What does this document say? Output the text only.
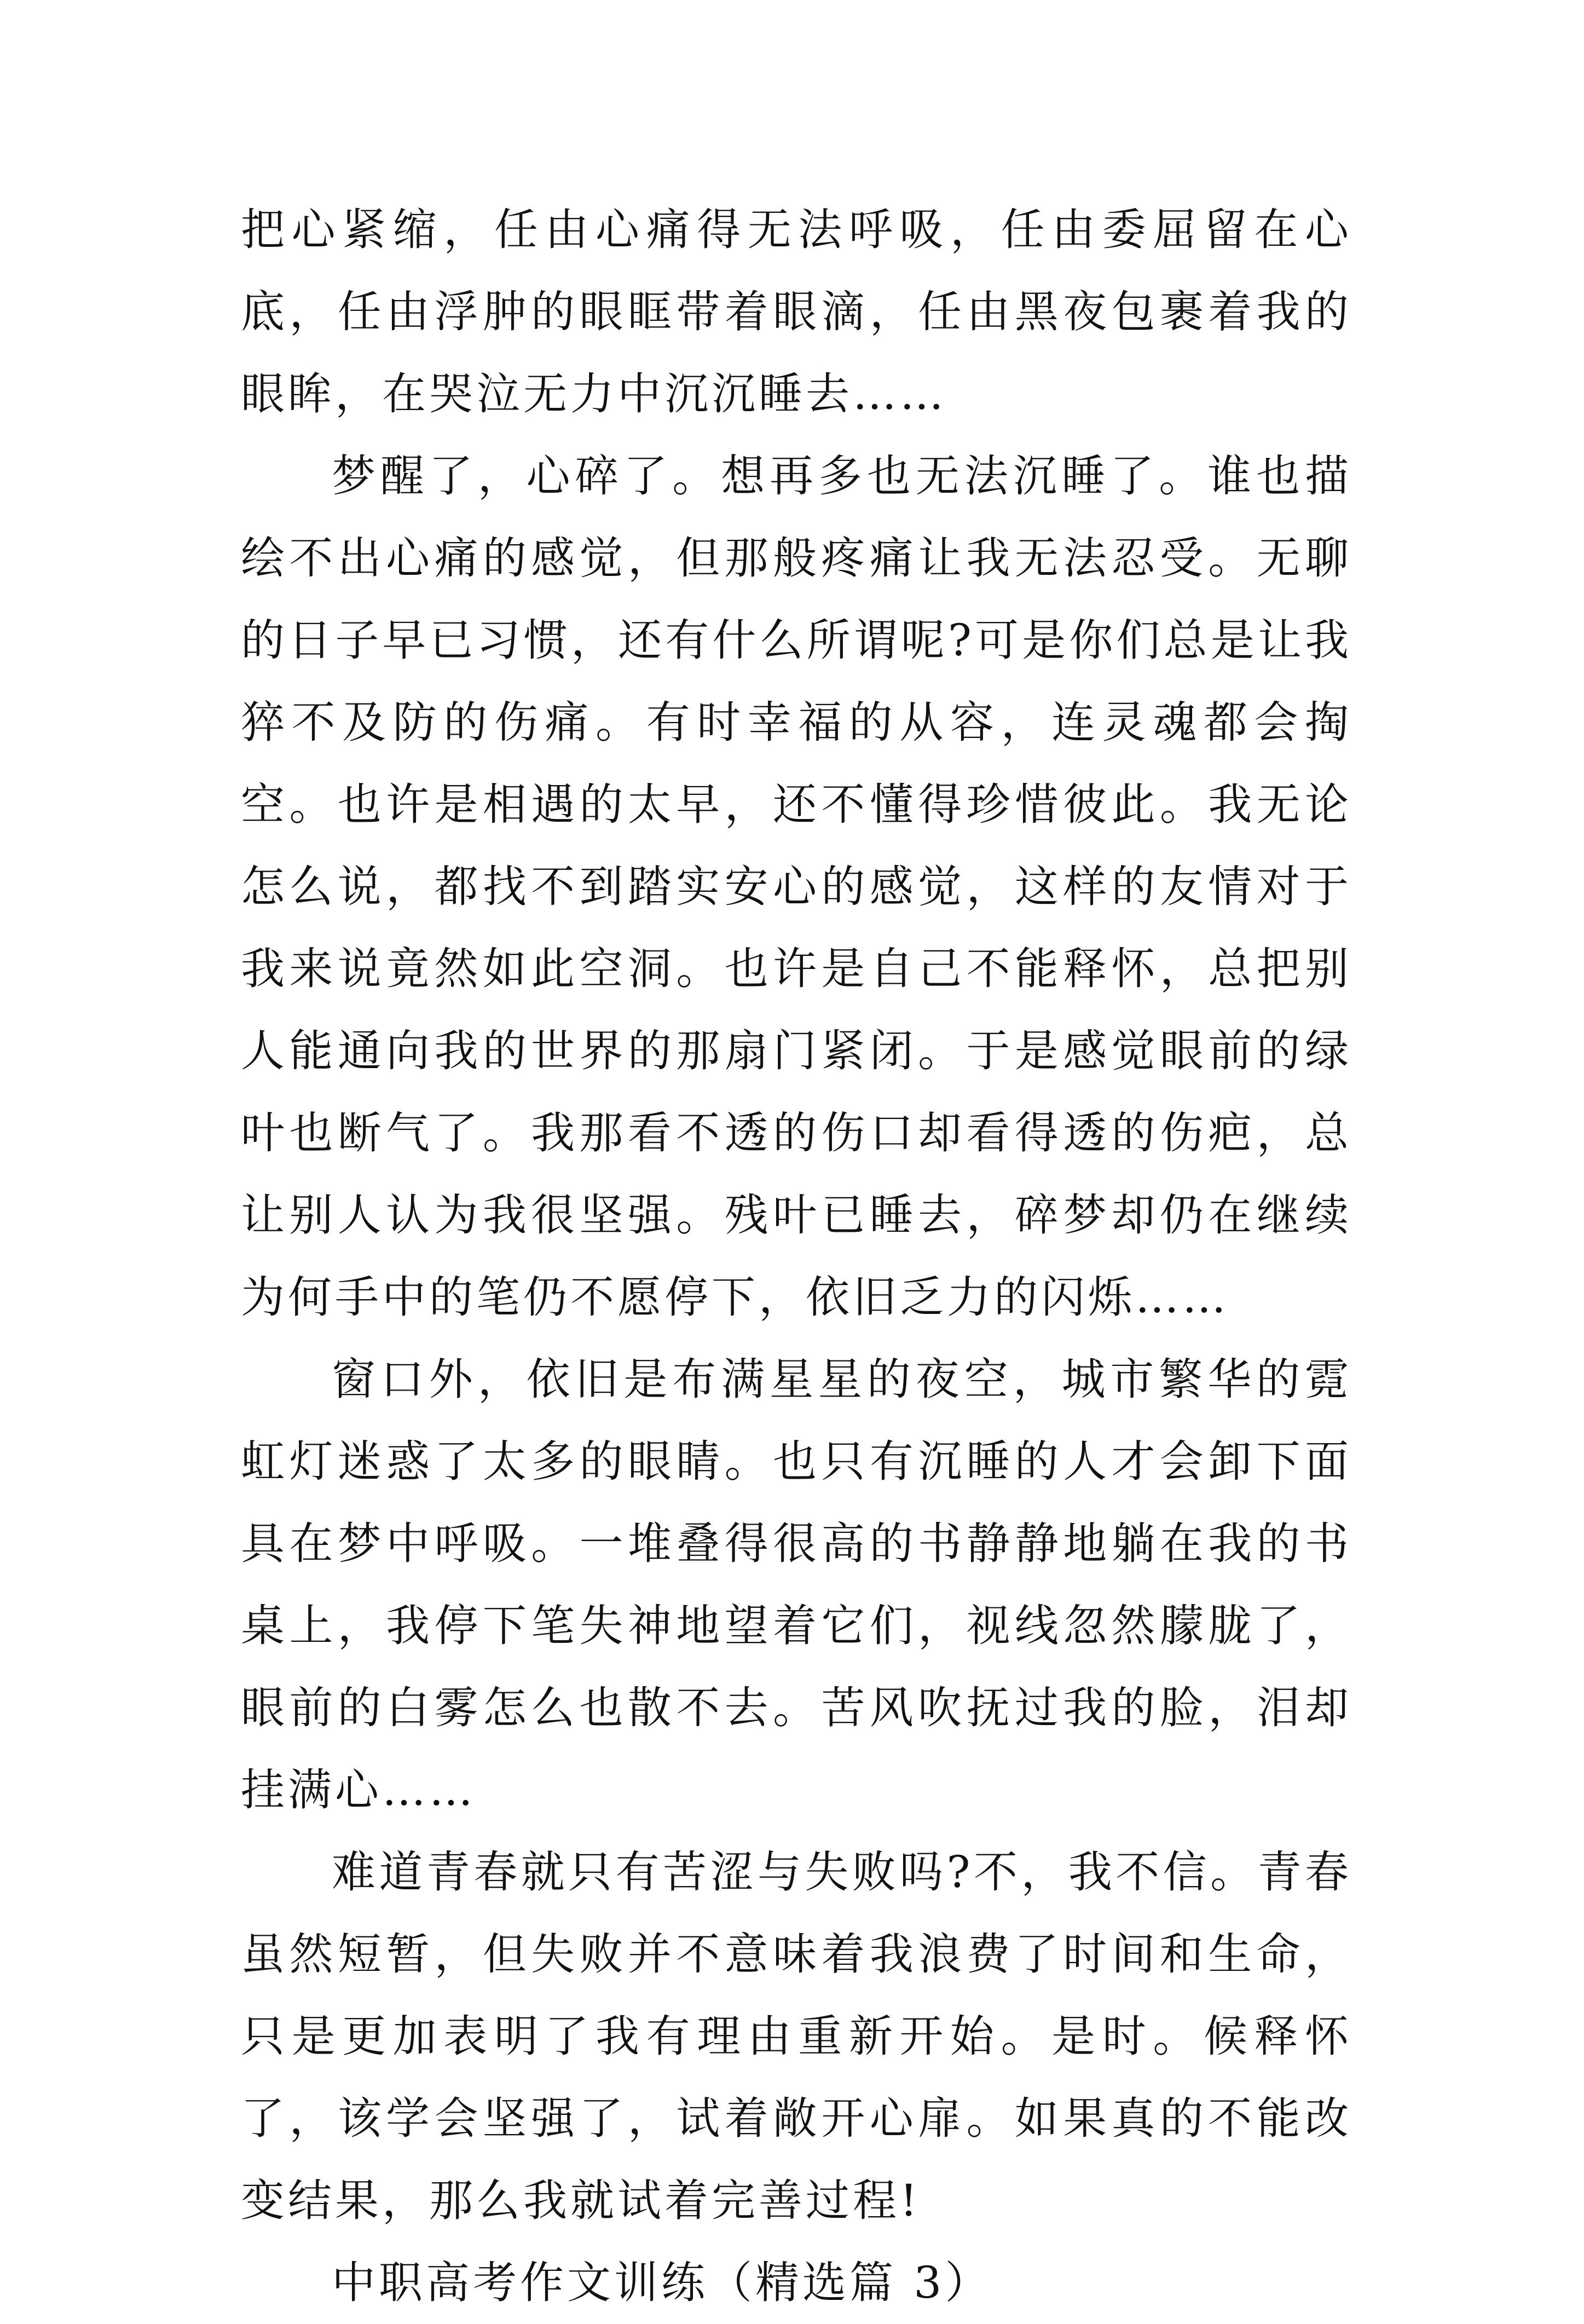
把心紧缩，任由心痛得无法呼吸，任由委屈留在心底，任由浮肿的眼眶带着眼滴，任由黑夜包裹着我的眼眸，在哭泣无力中沉沉睡去……

梦醒了，心碎了。想再多也无法沉睡了。谁也描绘不出心痛的感觉，但那般疼痛让我无法忍受。无聊的日子早已习惯，还有什么所谓呢?可是你们总是让我猝不及防的伤痛。有时幸福的从容，连灵魂都会掏空。也许是相遇的太早，还不懂得珍惜彼此。我无论怎么说，都找不到踏实安心的感觉，这样的友情对于我来说竟然如此空洞。也许是自己不能释怀，总把别人能通向我的世界的那扇门紧闭。于是感觉眼前的绿叶也断气了。我那看不透的伤口却看得透的伤疤，总让别人认为我很坚强。残叶已睡去，碎梦却仍在继续为何手中的笔仍不愿停下，依旧乏力的闪烁……

窗口外，依旧是布满星星的夜空，城市繁华的霓虹灯迷惑了太多的眼睛。也只有沉睡的人才会卸下面具在梦中呼吸。一堆叠得很高的书静静地躺在我的书桌上，我停下笔失神地望着它们，视线忽然朦胧了，眼前的白雾怎么也散不去。苦风吹抚过我的脸，泪却挂满心……

难道青春就只有苦涩与失败吗?不，我不信。青春虽然短暂，但失败并不意味着我浪费了时间和生命，只是更加表明了我有理由重新开始。是时。候释怀了，该学会坚强了，试着敞开心扉。如果真的不能改变结果，那么我就试着完善过程!

中职高考作文训练（精选篇 3）
